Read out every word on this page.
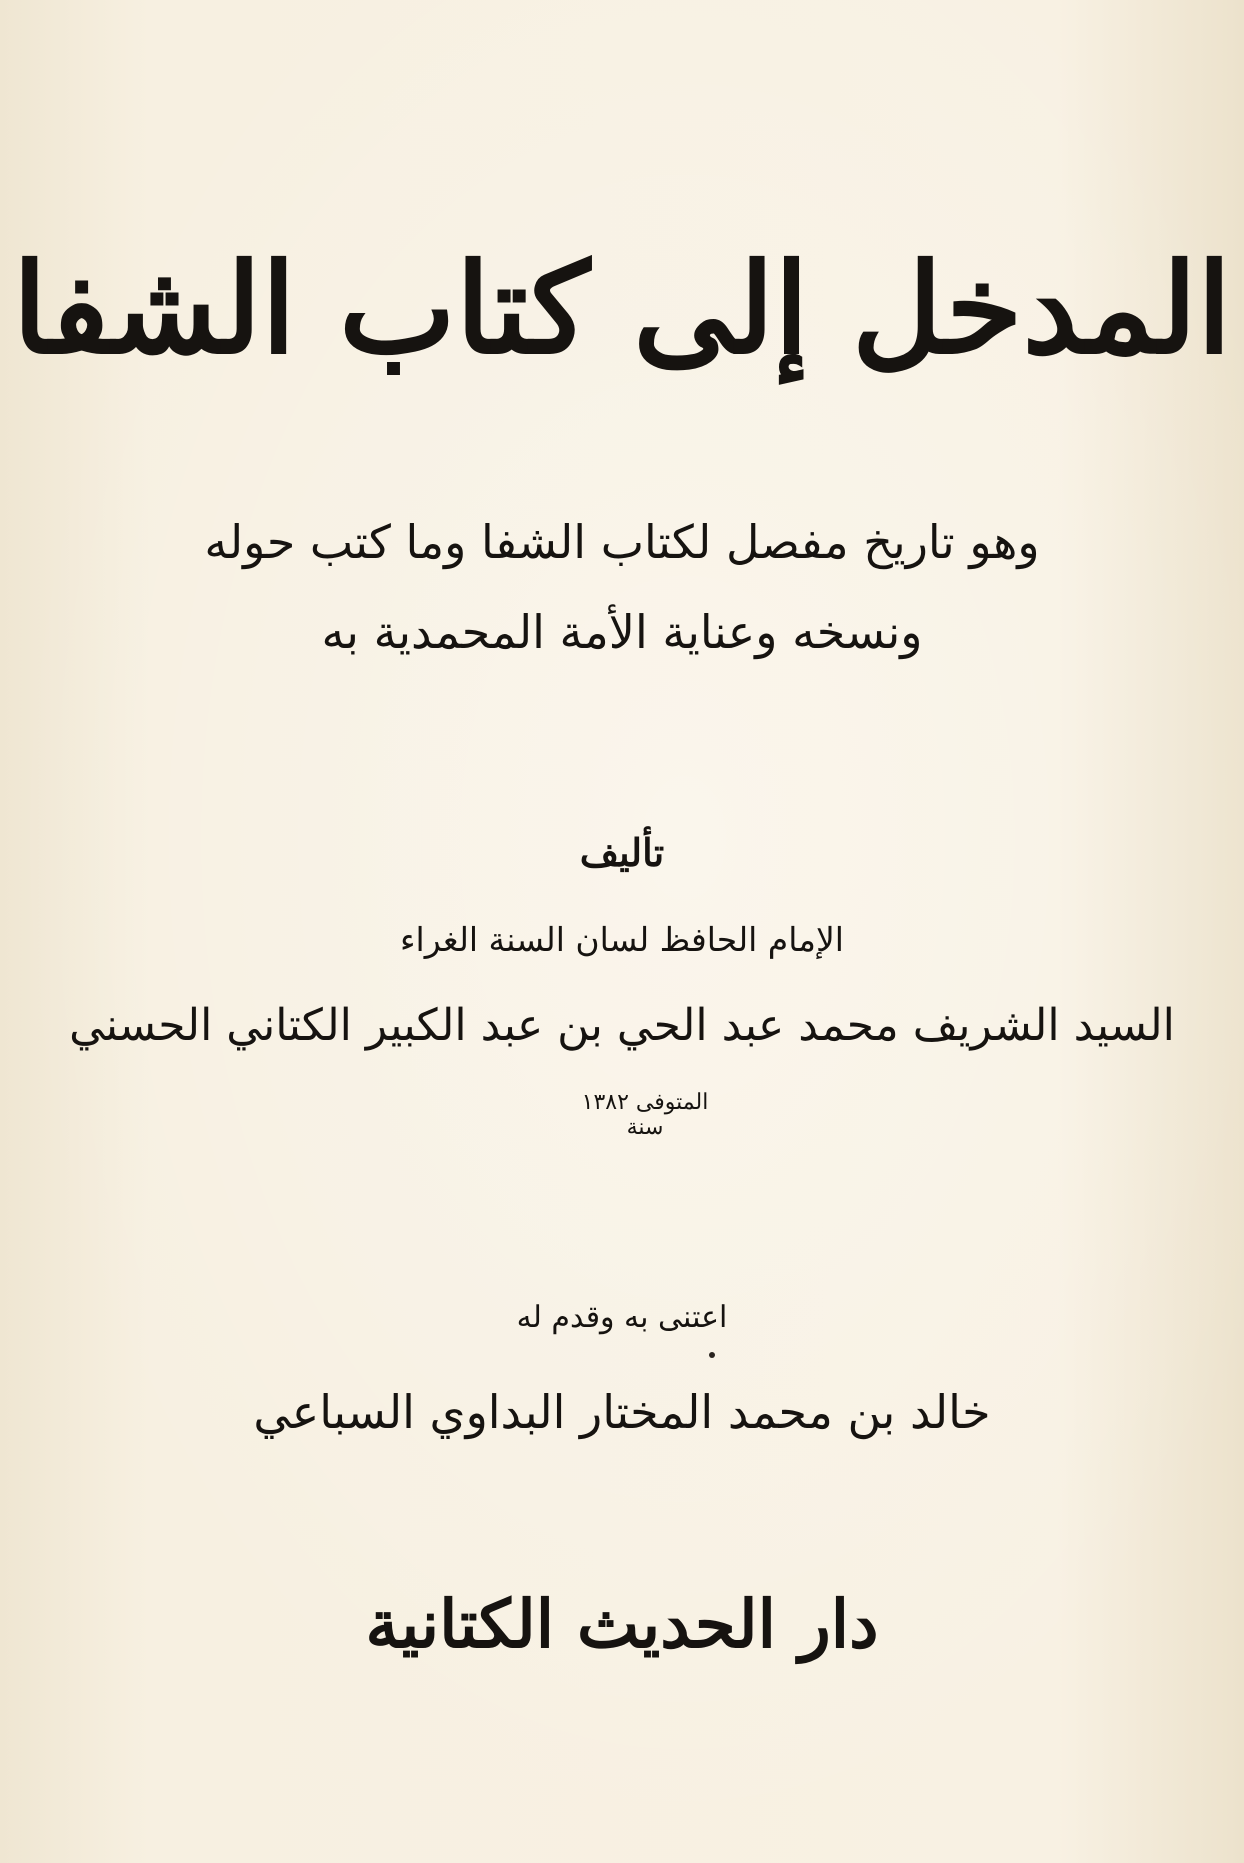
المدخل إلى كتاب الشفا
وهو تاريخ مفصل لكتاب الشفا وما كتب حوله
ونسخه وعناية الأمة المحمدية به
تأليف
الإمام الحافظ لسان السنة الغراء
السيد الشريف محمد عبد الحي بن عبد الكبير الكتاني الحسني
المتوفى ١٣٨٢ سنة
اعتنى به وقدم له
خالد بن محمد المختار البداوي السباعي
دار الحديث الكتانية
